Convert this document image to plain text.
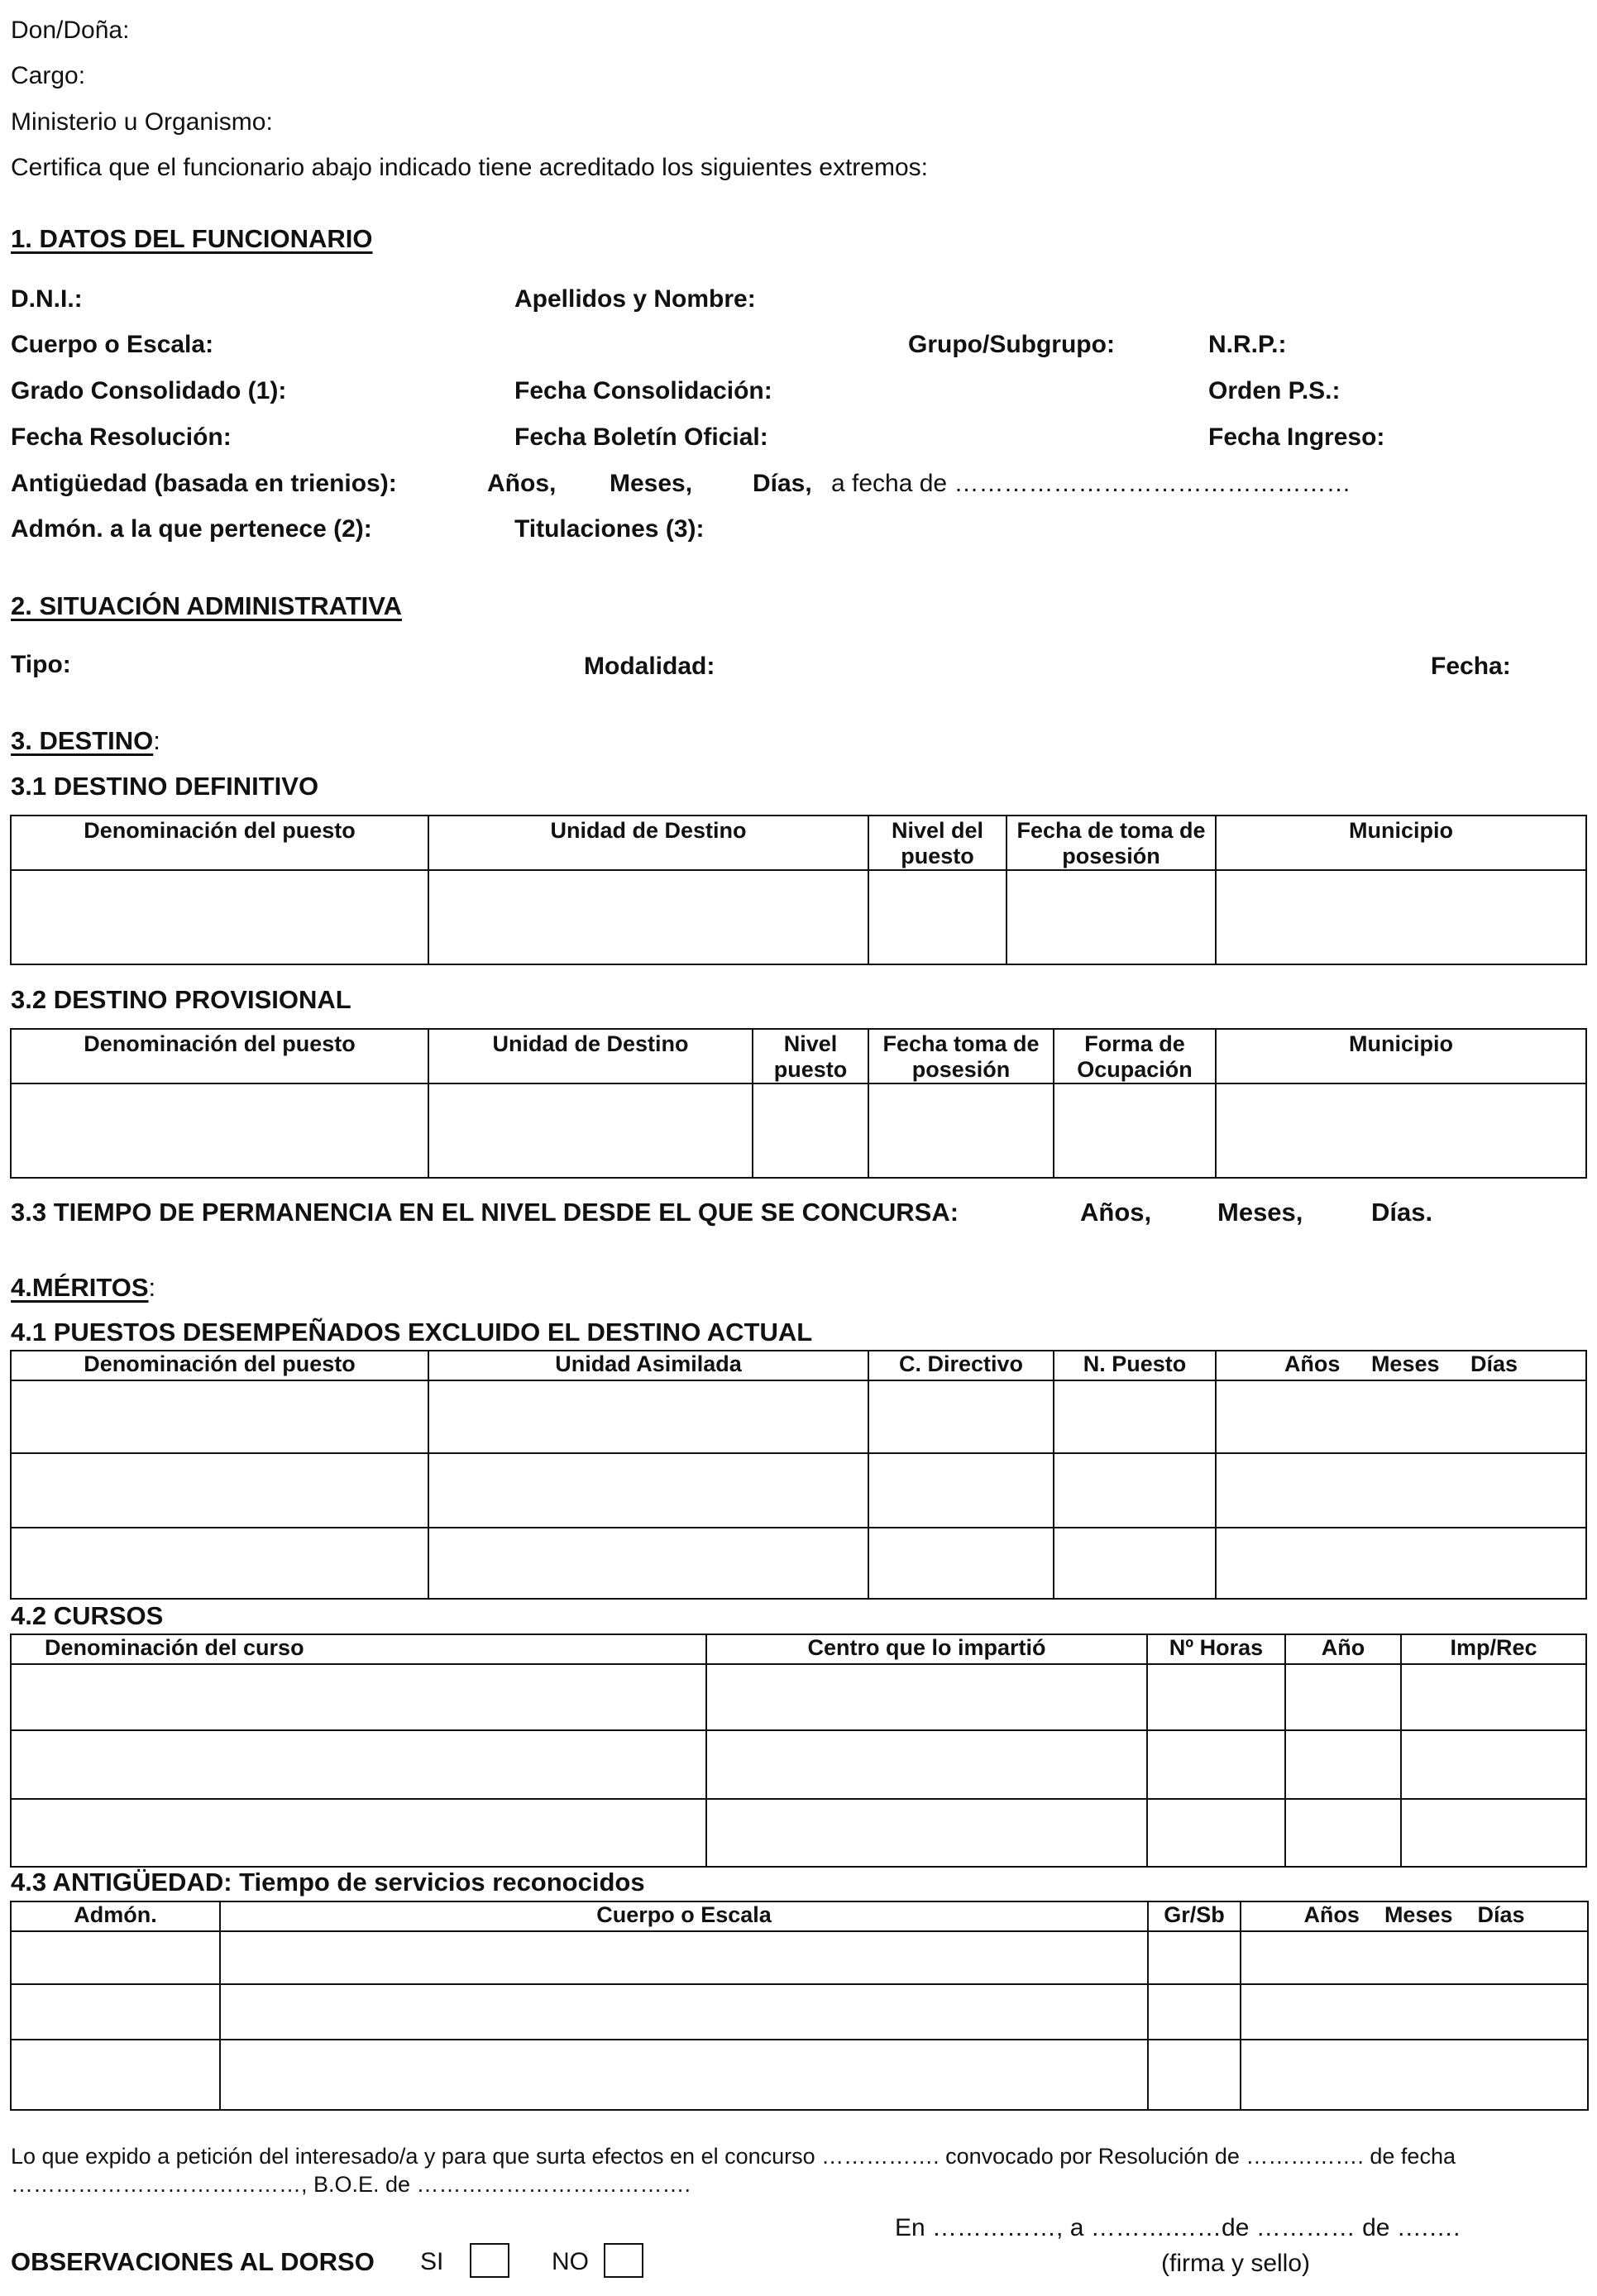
Don/Doña:
Cargo:
Ministerio u Organismo:
Certifica que el funcionario abajo indicado tiene acreditado los siguientes extremos:
1. DATOS DEL FUNCIONARIO
D.N.I.:	Apellidos y Nombre:
Cuerpo o Escala:	Grupo/Subgrupo:	N.R.P.:
Grado Consolidado (1):	Fecha Consolidación:	Orden P.S.:
Fecha Resolución:	Fecha Boletín Oficial:	Fecha Ingreso:
Antigüedad (basada en trienios):	Años, Meses, Días, a fecha de …………………………………………
Admón. a la que pertenece (2):	Titulaciones (3):
2. SITUACIÓN ADMINISTRATIVA
Tipo:	Modalidad:	Fecha:
3. DESTINO:
3.1 DESTINO DEFINITIVO
Denominación del puesto	Unidad de Destino	Nivel del puesto	Fecha de toma de posesión	Municipio

3.2 DESTINO PROVISIONAL
Denominación del puesto	Unidad de Destino	Nivel puesto	Fecha toma de posesión	Forma de Ocupación	Municipio

3.3 TIEMPO DE PERMANENCIA EN EL NIVEL DESDE EL QUE SE CONCURSA:	Años,	Meses,	Días.
4.MÉRITOS:
4.1 PUESTOS DESEMPEÑADOS EXCLUIDO EL DESTINO ACTUAL
Denominación del puesto	Unidad Asimilada	C. Directivo	N. Puesto	Años     Meses     Días

4.2 CURSOS
Denominación del curso	Centro que lo impartió	Nº Horas	Año	Imp/Rec

4.3 ANTIGÜEDAD: Tiempo de servicios reconocidos
Admón.	Cuerpo o Escala	Gr/Sb	Años    Meses    Días

Lo que expido a petición del interesado/a y para que surta efectos en el concurso ……………. convocado por Resolución de ……………. de fecha
…………………………………, B.O.E. de ……………………………….
En ……………, a ……….……de ………… de ….….
(firma y sello)
OBSERVACIONES AL DORSO SI	NO
